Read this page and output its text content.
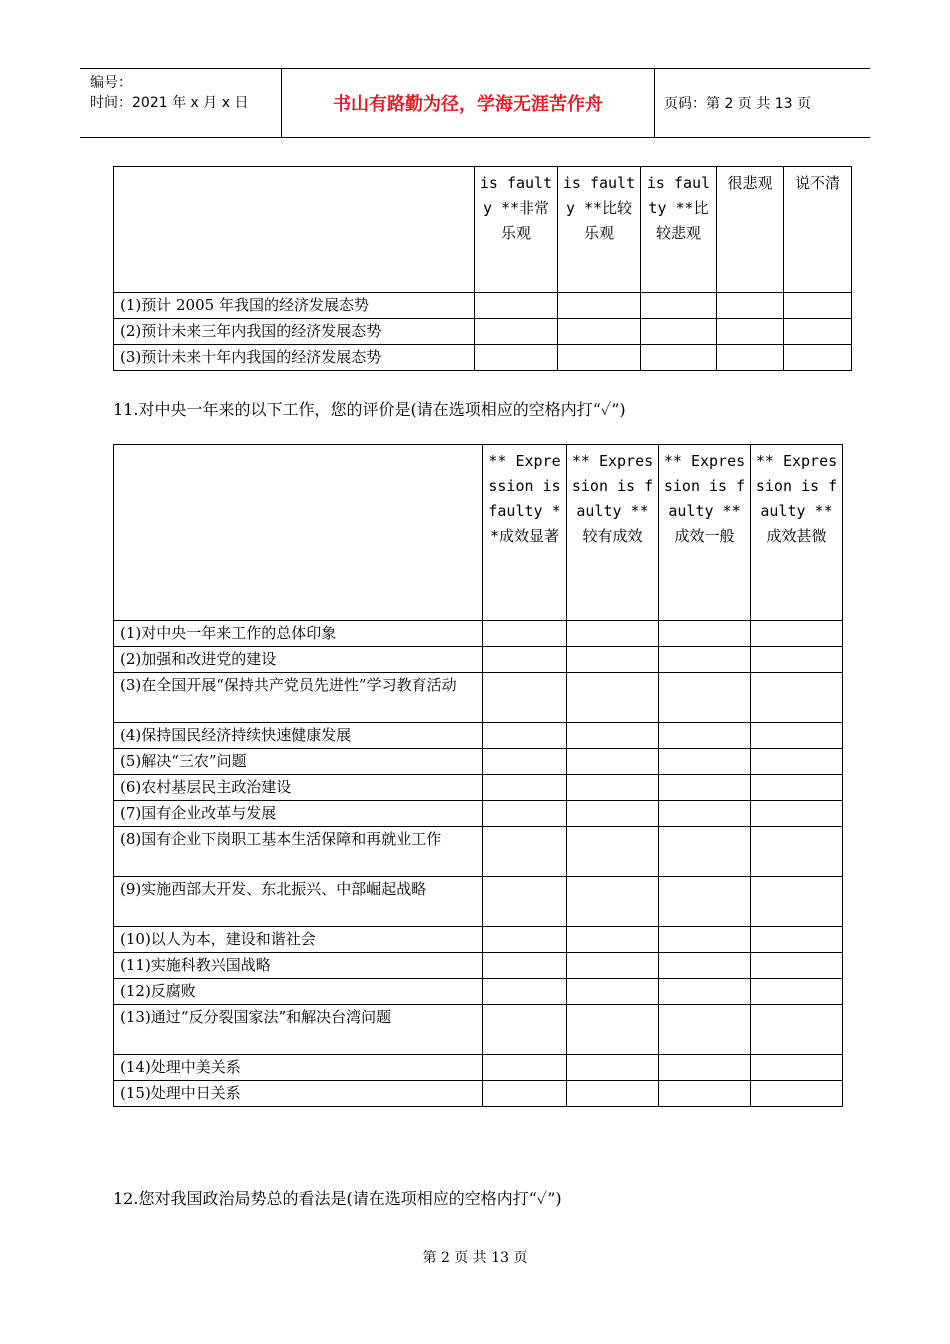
编号：
时间：2021 年 x 月 x 日	书山有路勤为径，学海无涯苦作舟	页码：第 2 页 共 13 页
	is faulty **非常乐观	is faulty **比较乐观	is faulty **比较悲观	很悲观	说不清
(1)预计 2005 年我国的经济发展态势					
(2)预计未来三年内我国的经济发展态势					
(3)预计未来十年内我国的经济发展态势					
11.对中央一年来的以下工作，您的评价是(请在选项相应的空格内打“✓”)
	** Expression is faulty **成效显著	** Expression is faulty **较有成效	** Expression is faulty **成效一般	** Expression is faulty **成效甚微
(1)对中央一年来工作的总体印象				
(2)加强和改进党的建设				
(3)在全国开展“保持共产党员先进性”学习教育活动				
(4)保持国民经济持续快速健康发展				
(5)解决“三农”问题				
(6)农村基层民主政治建设				
(7)国有企业改革与发展				
(8)国有企业下岗职工基本生活保障和再就业工作				
(9)实施西部大开发、东北振兴、中部崛起战略				
(10)以人为本，建设和谐社会				
(11)实施科教兴国战略				
(12)反腐败				
(13)通过“反分裂国家法”和解决台湾问题				
(14)处理中美关系				
(15)处理中日关系				
12.您对我国政治局势总的看法是(请在选项相应的空格内打“✓”)
第 2 页 共 13 页
